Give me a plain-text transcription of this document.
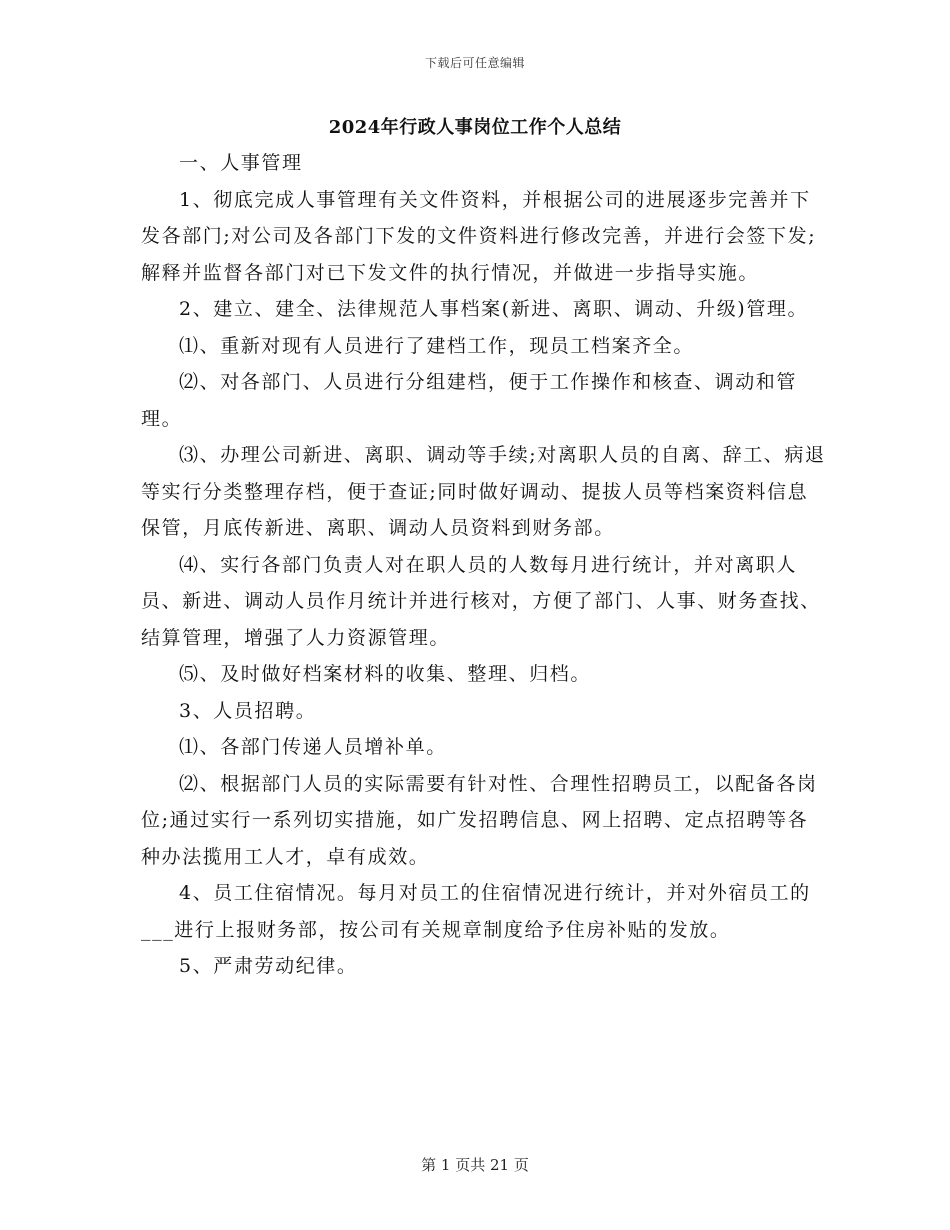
下载后可任意编辑
2024年行政人事岗位工作个人总结

一、人事管理

1、彻底完成人事管理有关文件资料，并根据公司的进展逐步完善并下发各部门;对公司及各部门下发的文件资料进行修改完善，并进行会签下发;解释并监督各部门对已下发文件的执行情况，并做进一步指导实施。

2、建立、建全、法律规范人事档案(新进、离职、调动、升级)管理。

⑴、重新对现有人员进行了建档工作，现员工档案齐全。

⑵、对各部门、人员进行分组建档，便于工作操作和核查、调动和管理。

⑶、办理公司新进、离职、调动等手续;对离职人员的自离、辞工、病退等实行分类整理存档，便于查证;同时做好调动、提拔人员等档案资料信息保管，月底传新进、离职、调动人员资料到财务部。

⑷、实行各部门负责人对在职人员的人数每月进行统计，并对离职人员、新进、调动人员作月统计并进行核对，方便了部门、人事、财务查找、结算管理，增强了人力资源管理。

⑸、及时做好档案材料的收集、整理、归档。

3、人员招聘。

⑴、各部门传递人员增补单。

⑵、根据部门人员的实际需要有针对性、合理性招聘员工，以配备各岗位;通过实行一系列切实措施，如广发招聘信息、网上招聘、定点招聘等各种办法揽用工人才，卓有成效。

4、员工住宿情况。每月对员工的住宿情况进行统计，并对外宿员工的___进行上报财务部，按公司有关规章制度给予住房补贴的发放。

5、严肃劳动纪律。

第 1 页共 21 页
